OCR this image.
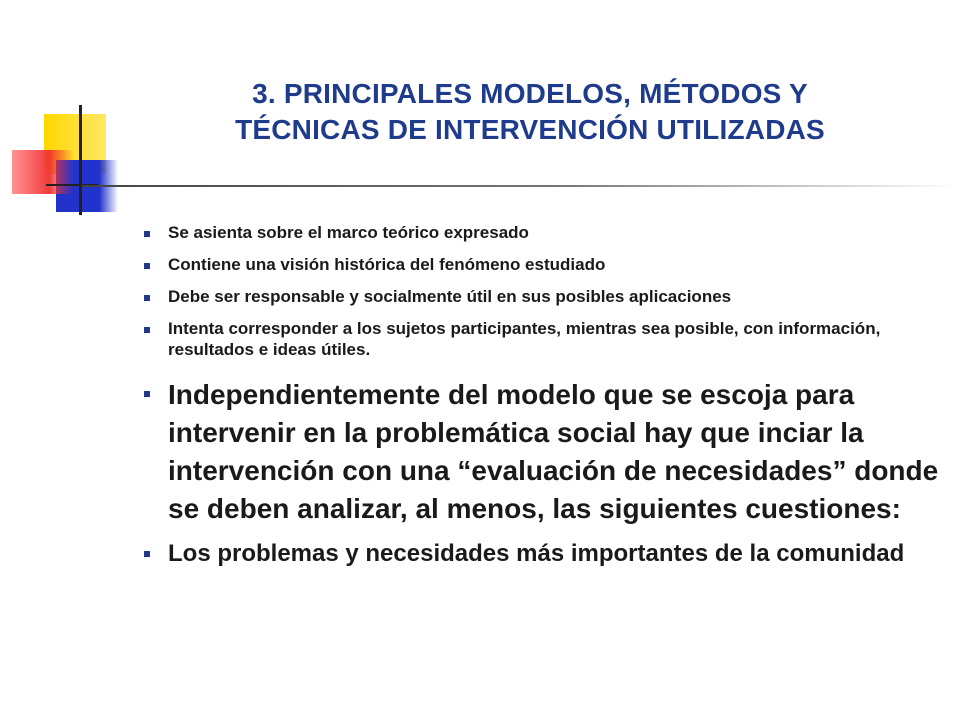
3. PRINCIPALES MODELOS, MÉTODOS Y
TÉCNICAS DE INTERVENCIÓN UTILIZADAS
Se asienta sobre el marco teórico expresado
Contiene una visión histórica del fenómeno estudiado
Debe ser responsable y socialmente útil en sus posibles aplicaciones
Intenta corresponder a los sujetos participantes, mientras sea posible, con información, resultados e ideas útiles.
Independientemente del modelo que se escoja para intervenir en la problemática social hay que inciar la intervención con una “evaluación de necesidades” donde se deben analizar, al menos, las siguientes cuestiones:
Los problemas y necesidades más importantes de la comunidad
